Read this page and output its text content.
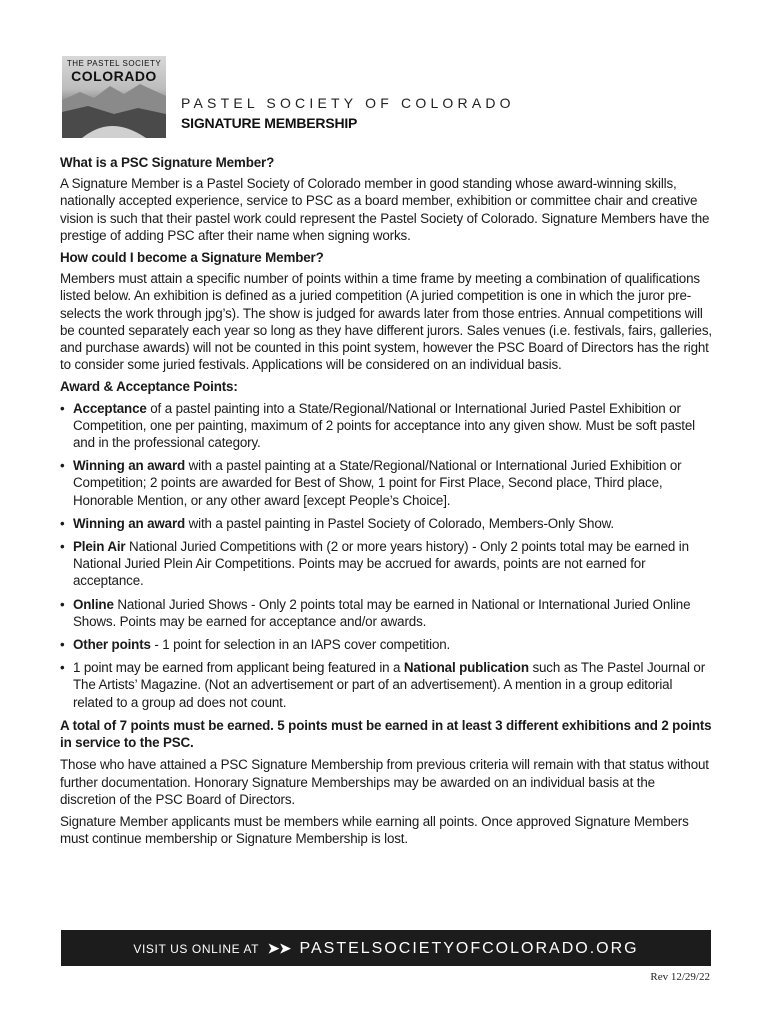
THE PASTEL SOCIETY
COLORADO
PASTEL SOCIETY OF COLORADO
SIGNATURE MEMBERSHIP

What is a PSC Signature Member?

A Signature Member is a Pastel Society of Colorado member in good standing whose award-winning skills, nationally accepted experience, service to PSC as a board member, exhibition or committee chair and creative vision is such that their pastel work could represent the Pastel Society of Colorado. Signature Members have the prestige of adding PSC after their name when signing works.

How could I become a Signature Member?

Members must attain a specific number of points within a time frame by meeting a combination of qualifications listed below. An exhibition is defined as a juried competition (A juried competition is one in which the juror pre-selects the work through jpg’s). The show is judged for awards later from those entries. Annual competitions will be counted separately each year so long as they have different jurors. Sales venues (i.e. festivals, fairs, galleries, and purchase awards) will not be counted in this point system, however the PSC Board of Directors has the right to consider some juried festivals. Applications will be considered on an individual basis.

Award & Acceptance Points:

• Acceptance of a pastel painting into a State/Regional/National or International Juried Pastel Exhibition or Competition, one per painting, maximum of 2 points for acceptance into any given show. Must be soft pastel and in the professional category.
• Winning an award with a pastel painting at a State/Regional/National or International Juried Exhibition or Competition; 2 points are awarded for Best of Show, 1 point for First Place, Second place, Third place, Honorable Mention, or any other award [except People’s Choice].
• Winning an award with a pastel painting in Pastel Society of Colorado, Members-Only Show.
• Plein Air National Juried Competitions with (2 or more years history) - Only 2 points total may be earned in National Juried Plein Air Competitions. Points may be accrued for awards, points are not earned for acceptance.
• Online National Juried Shows - Only 2 points total may be earned in National or International Juried Online Shows. Points may be earned for acceptance and/or awards.
• Other points - 1 point for selection in an IAPS cover competition.
• 1 point may be earned from applicant being featured in a National publication such as The Pastel Journal or The Artists’ Magazine. (Not an advertisement or part of an advertisement). A mention in a group editorial related to a group ad does not count.

A total of 7 points must be earned. 5 points must be earned in at least 3 different exhibitions and 2 points in service to the PSC.

Those who have attained a PSC Signature Membership from previous criteria will remain with that status without further documentation. Honorary Signature Memberships may be awarded on an individual basis at the discretion of the PSC Board of Directors.

Signature Member applicants must be members while earning all points. Once approved Signature Members must continue membership or Signature Membership is lost.

VISIT US ONLINE AT ➤➤ PASTELSOCIETYOFCOLORADO.ORG
Rev 12/29/22
